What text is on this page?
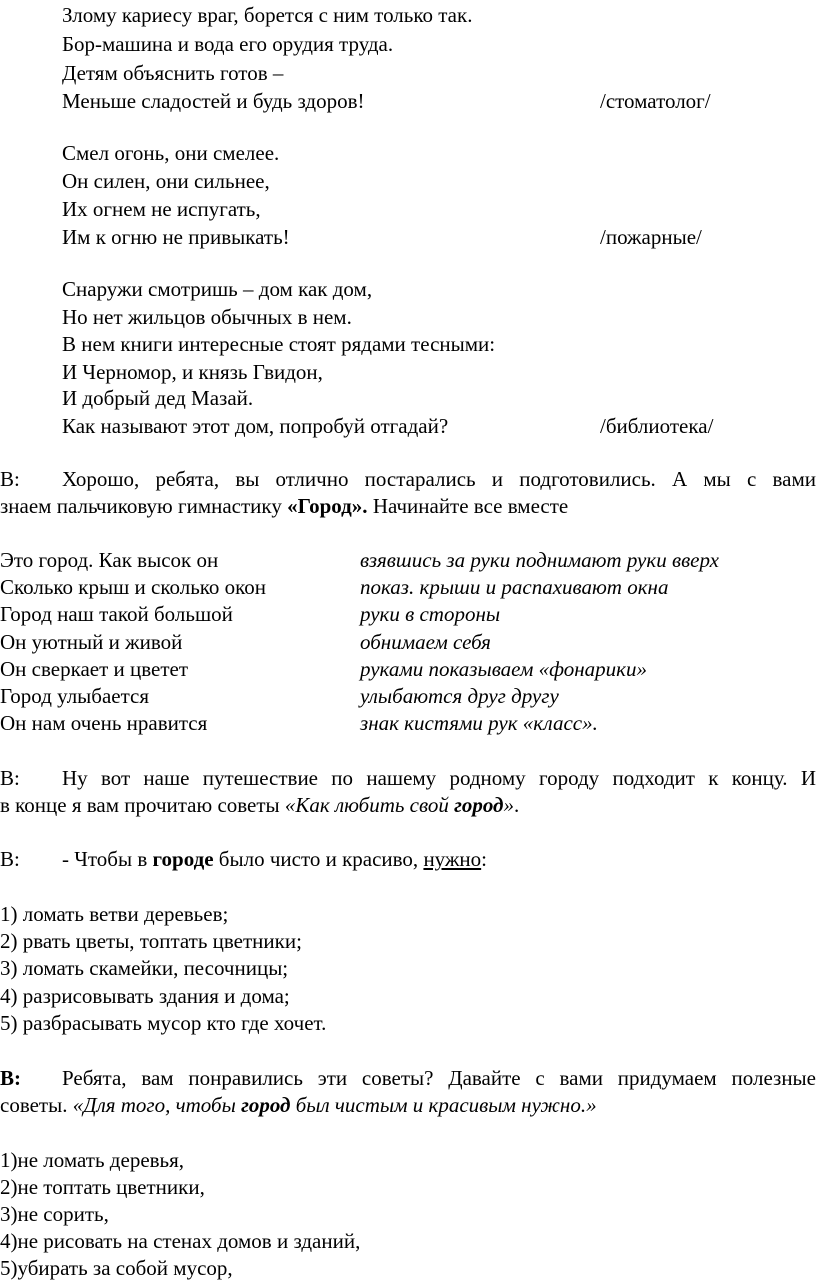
Злому кариесу враг, борется с ним только так.
Бор-машина и вода его орудия труда.
Детям объяснить готов –
Меньше сладостей и будь здоров!	/стоматолог/
Смел огонь, они смелее.
Он силен, они сильнее,
Их огнем не испугать,
Им к огню не привыкать!	/пожарные/
Снаружи смотришь – дом как дом,
Но нет жильцов обычных в нем.
В нем книги интересные стоят рядами тесными:
И Черномор, и князь Гвидон,
И добрый дед Мазай.
Как называют этот дом, попробуй отгадай?	/библиотека/
В: Хорошо, ребята, вы отлично постарались и подготовились. А мы с вами
знаем пальчиковую гимнастику «Город». Начинайте все вместе
Это город. Как высок он	взявшись за руки поднимают руки вверх
Сколько крыш и сколько окон	показ. крыши и распахивают окна
Город наш такой большой	руки в стороны
Он уютный и живой	обнимаем себя
Он сверкает и цветет	руками показываем «фонарики»
Город улыбается	улыбаются друг другу
Он нам очень нравится	знак кистями рук «класс».
В: Ну вот наше путешествие по нашему родному городу подходит к концу. И
в конце я вам прочитаю советы «Как любить свой город».
В: - Чтобы в городе было чисто и красиво, нужно:
1) ломать ветви деревьев;
2) рвать цветы, топтать цветники;
3) ломать скамейки, песочницы;
4) разрисовывать здания и дома;
5) разбрасывать мусор кто где хочет.
В: Ребята, вам понравились эти советы? Давайте с вами придумаем полезные
советы. «Для того, чтобы город был чистым и красивым нужно.»
1)не ломать деревья,
2)не топтать цветники,
3)не сорить,
4)не рисовать на стенах домов и зданий,
5)убирать за собой мусор,
